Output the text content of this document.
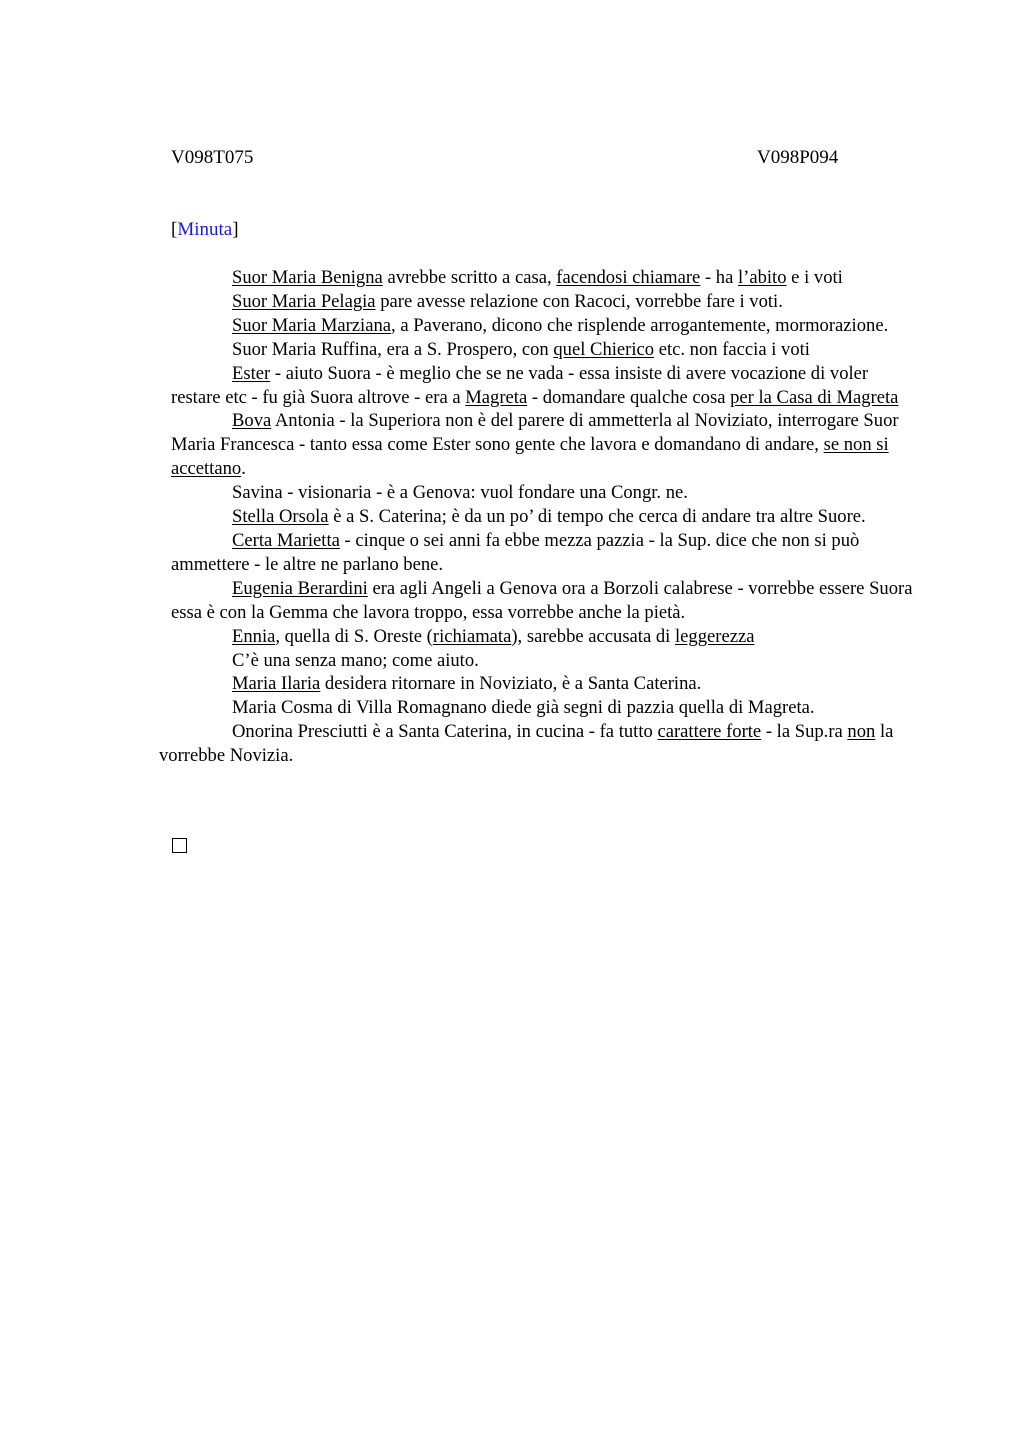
V098T075	V098P094
[Minuta]

Suor Maria Benigna avrebbe scritto a casa, facendosi chiamare - ha l’abito e i voti

Suor Maria Pelagia pare avesse relazione con Racoci, vorrebbe fare i voti.

Suor Maria Marziana, a Paverano, dicono che risplende arrogantemente, mormorazione.

Suor Maria Ruffina, era a S. Prospero, con quel Chierico etc. non faccia i voti

Ester - aiuto Suora - è meglio che se ne vada - essa insiste di avere vocazione di voler restare etc - fu già Suora altrove - era a Magreta - domandare qualche cosa per la Casa di Magreta

Bova Antonia - la Superiora non è del parere di ammetterla al Noviziato, interrogare Suor Maria Francesca - tanto essa come Ester sono gente che lavora e domandano di andare, se non si accettano.

Savina - visionaria - è a Genova: vuol fondare una Congr. ne.

Stella Orsola è a S. Caterina; è da un po’ di tempo che cerca di andare tra altre Suore.

Certa Marietta - cinque o sei anni fa ebbe mezza pazzia - la Sup. dice che non si può ammettere - le altre ne parlano bene.

Eugenia Berardini era agli Angeli a Genova ora a Borzoli calabrese - vorrebbe essere Suora essa è con la Gemma che lavora troppo, essa vorrebbe anche la pietà.

Ennia, quella di S. Oreste (richiamata), sarebbe accusata di leggerezza

C’è una senza mano; come aiuto.

Maria Ilaria desidera ritornare in Noviziato, è a Santa Caterina.

Maria Cosma di Villa Romagnano diede già segni di pazzia quella di Magreta.

Onorina Presciutti è a Santa Caterina, in cucina - fa tutto carattere forte - la Sup.ra non la vorrebbe Novizia.
